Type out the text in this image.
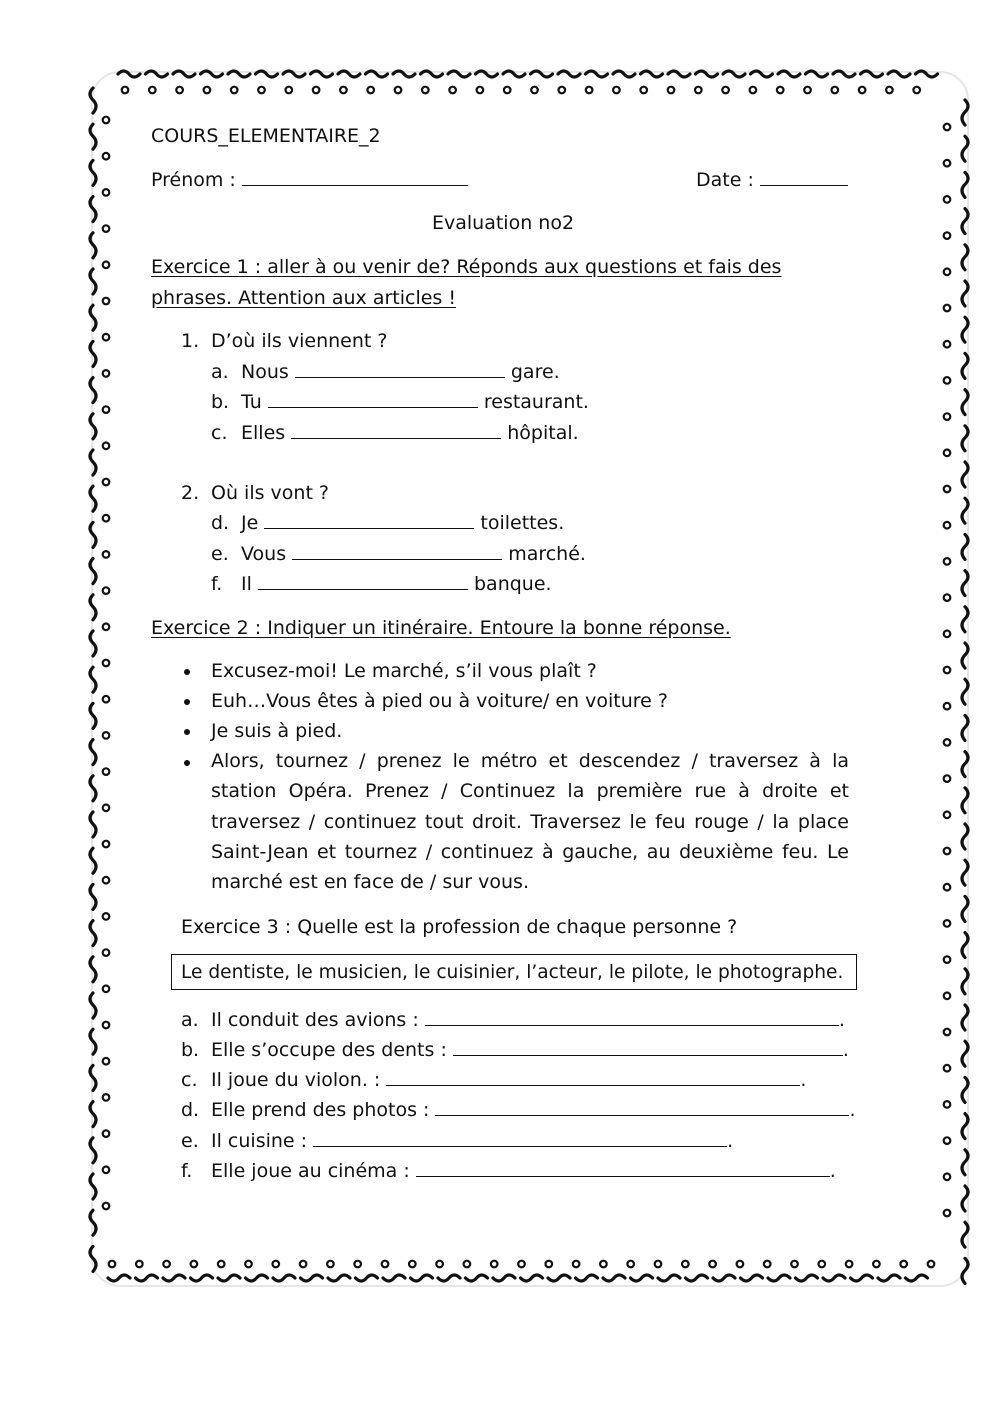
COURS_ELEMENTAIRE_2
Prénom :	Date :
Evaluation no2
Exercice 1 : aller à ou venir de? Réponds aux questions et fais des
phrases. Attention aux articles !
1. D’où ils viennent ?
a. Nous	gare.
b. Tu	restaurant.
c. Elles	hôpital.
2. Où ils vont ?
d. Je	toilettes.
e. Vous	marché.
f. Il	banque.
Exercice 2 : Indiquer un itinéraire. Entoure la bonne réponse.
Excusez-moi! Le marché, s’il vous plaît ?
Euh…Vous êtes à pied ou à voiture/ en voiture ?
Je suis à pied.
Alors, tournez / prenez le métro et descendez / traversez à la station Opéra. Prenez / Continuez la première rue à droite et traversez / continuez tout droit. Traversez le feu rouge / la place Saint-Jean et tournez / continuez à gauche, au deuxième feu. Le marché est en face de / sur vous.
Exercice 3 : Quelle est la profession de chaque personne ?
Le dentiste, le musicien, le cuisinier, l’acteur, le pilote, le photographe.
a. Il conduit des avions :	.
b. Elle s’occupe des dents :	.
c. Il joue du violon. :	.
d. Elle prend des photos :	.
e. Il cuisine :	.
f. Elle joue au cinéma :	.
